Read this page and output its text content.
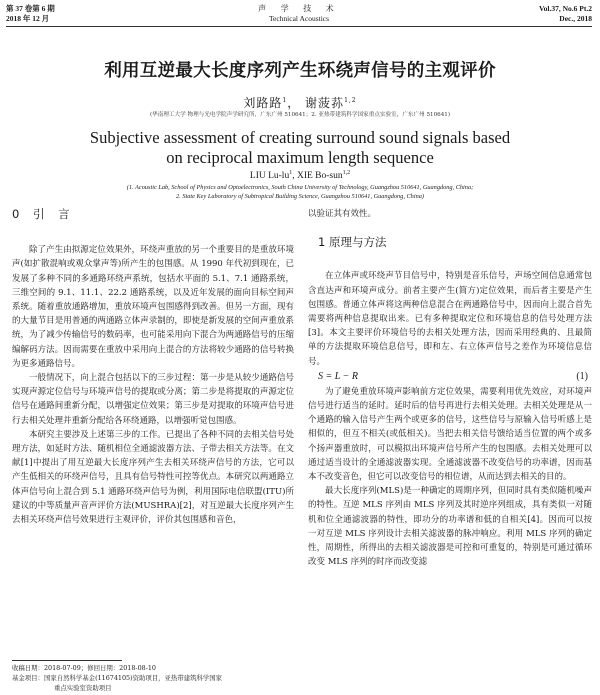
第 37 卷第 6 期
2018 年 12 月
声 学 技 术
Technical Acoustics
Vol.37, No.6 Pt.2
Dec., 2018
利用互逆最大长度序列产生环绕声信号的主观评价
刘路路$^1$， 谢菠荪$^{1,2}$
(华南理工大学 物理与光电学院声学研究所，广东广州 510641；2. 亚热带建筑科学国家重点实验室，广东广州 510641)
Subjective assessment of creating surround sound signals based
on reciprocal maximum length sequence
LIU $Lu-lu^1$, XIE Bo-sun$^{1,2}$
(1. Acoustic Lab, School of Physics and Optoelectronics, South China University of Technology, Guangzhou 510641, Guangdong, China;
2. State Key Laboratory of Subtropical Building Science, Guangzhou 510641, Guangdong, China)
0 引 言
除了产生由拟源定位效果外，环绕声重放的另一个重要目的是重放环境声(如扩散混响或观众掌声等)所产生的包围感。从 1990 年代初到现在，已发展了多种不同的多通路环绕声系统，包括水平面的 5.1、7.1 通路系统，三维空间的 9.1、11.1、22.2 通路系统，以及近年发展的面向目标空间声系统。随着重放通路增加，重放环境声包围感得到改善。但另一方面，现有的大量节目是用普通的两通路立体声录制的，即使是新发展的空间声重放系统，为了减少传输信号的数码率，也可能采用向下混合为两通路信号的压缩编解码方法。因而需要在重放中采用向上混合的方法将较少通路的信号转换为更多通路信号。
一般情况下，向上混合包括以下的三步过程：第一步是从较少通路信号实现声源定位信号与环境声信号的提取或分离；第二步是将提取的声源定位信号在通路间重新分配，以增强定位效果；第三步是对提取的环境声信号进行去相关处理并重新分配给各环绕通路，以增强听觉包围感。
本研究主要涉及上述第三步的工作。已提出了各种不同的去相关信号处理方法，如延时方法、随机相位全通滤波器方法、子带去相关方法等。在文献[1]中提出了用互逆最大长度序列产生去相关环绕声信号的方法，它可以产生低相关的环绕声信号，且具有信号特性可控等优点。本研究以两通路立体声信号向上混合到 5.1 通路环绕声信号为例，利用国际电信联盟(ITU)所建议的中等质量声音声评价方法(MUSHRA)[2]，对互逆最大长度序列产生去相关环绕声信号效果进行主观评价，评价其包围感和音色，
以验证其有效性。
1 原理与方法
在立体声或环绕声节目信号中，特别是音乐信号，声场空间信息通常包含直达声和环境声成分。前者主要产生(简方)定位效果，而后者主要是产生包围感。普通立体声将这两种信息混合在两通路信号中，因而向上混合首先需要将两种信息提取出来。已有多种提取定位和环境信息的信号处理方法[3]。本文主要评价环境信号的去相关处理方法，因而采用经典的、且最简单的方法提取环境信息信号，即和左、右立体声信号之差作为环境信息信号。
S = L − R	(1)
为了避免重放环境声影响前方定位效果，需要利用优先效应，对环境声信号进行适当的延时。延时后的信号再进行去相关处理。去相关处理是从一个通路的输入信号产生两个或更多的信号，这些信号与原输入信号听感上是相似的，但互不相关(或低相关)。当把去相关信号馈给适当位置的两个或多个扬声器重放时，可以模拟出环境声信号所产生的包围感。去相关处理可以通过适当设计的全通滤波器实现。全通滤波器不改变信号的功率谱，因而基本不改变音色，但它可以改变信号的相位谱，从而达到去相关的目的。
最大长度序列(MLS)是一种确定的周期序列，但同时具有类似随机噪声的特性。互逆 MLS 序列由 MLS 序列及其时逆序列组成，具有类似一对随机和位全通滤波器的特性，即功分的功率谱和低的自相关[4]。因而可以按一对互逆 MLS 序列设计去相关滤波器的脉冲响应。利用 MLS 序列的确定性，周期性，所得出的去相关滤波器是可控和可重复的，特别是可通过循环改变 MLS 序列的时序而改变滤
收稿日期：2018-07-09；修回日期：2018-08-10
基金项目：国家自然科学基金(11674105)资助项目，亚热带建筑科学国家
重点实验室资助项目
